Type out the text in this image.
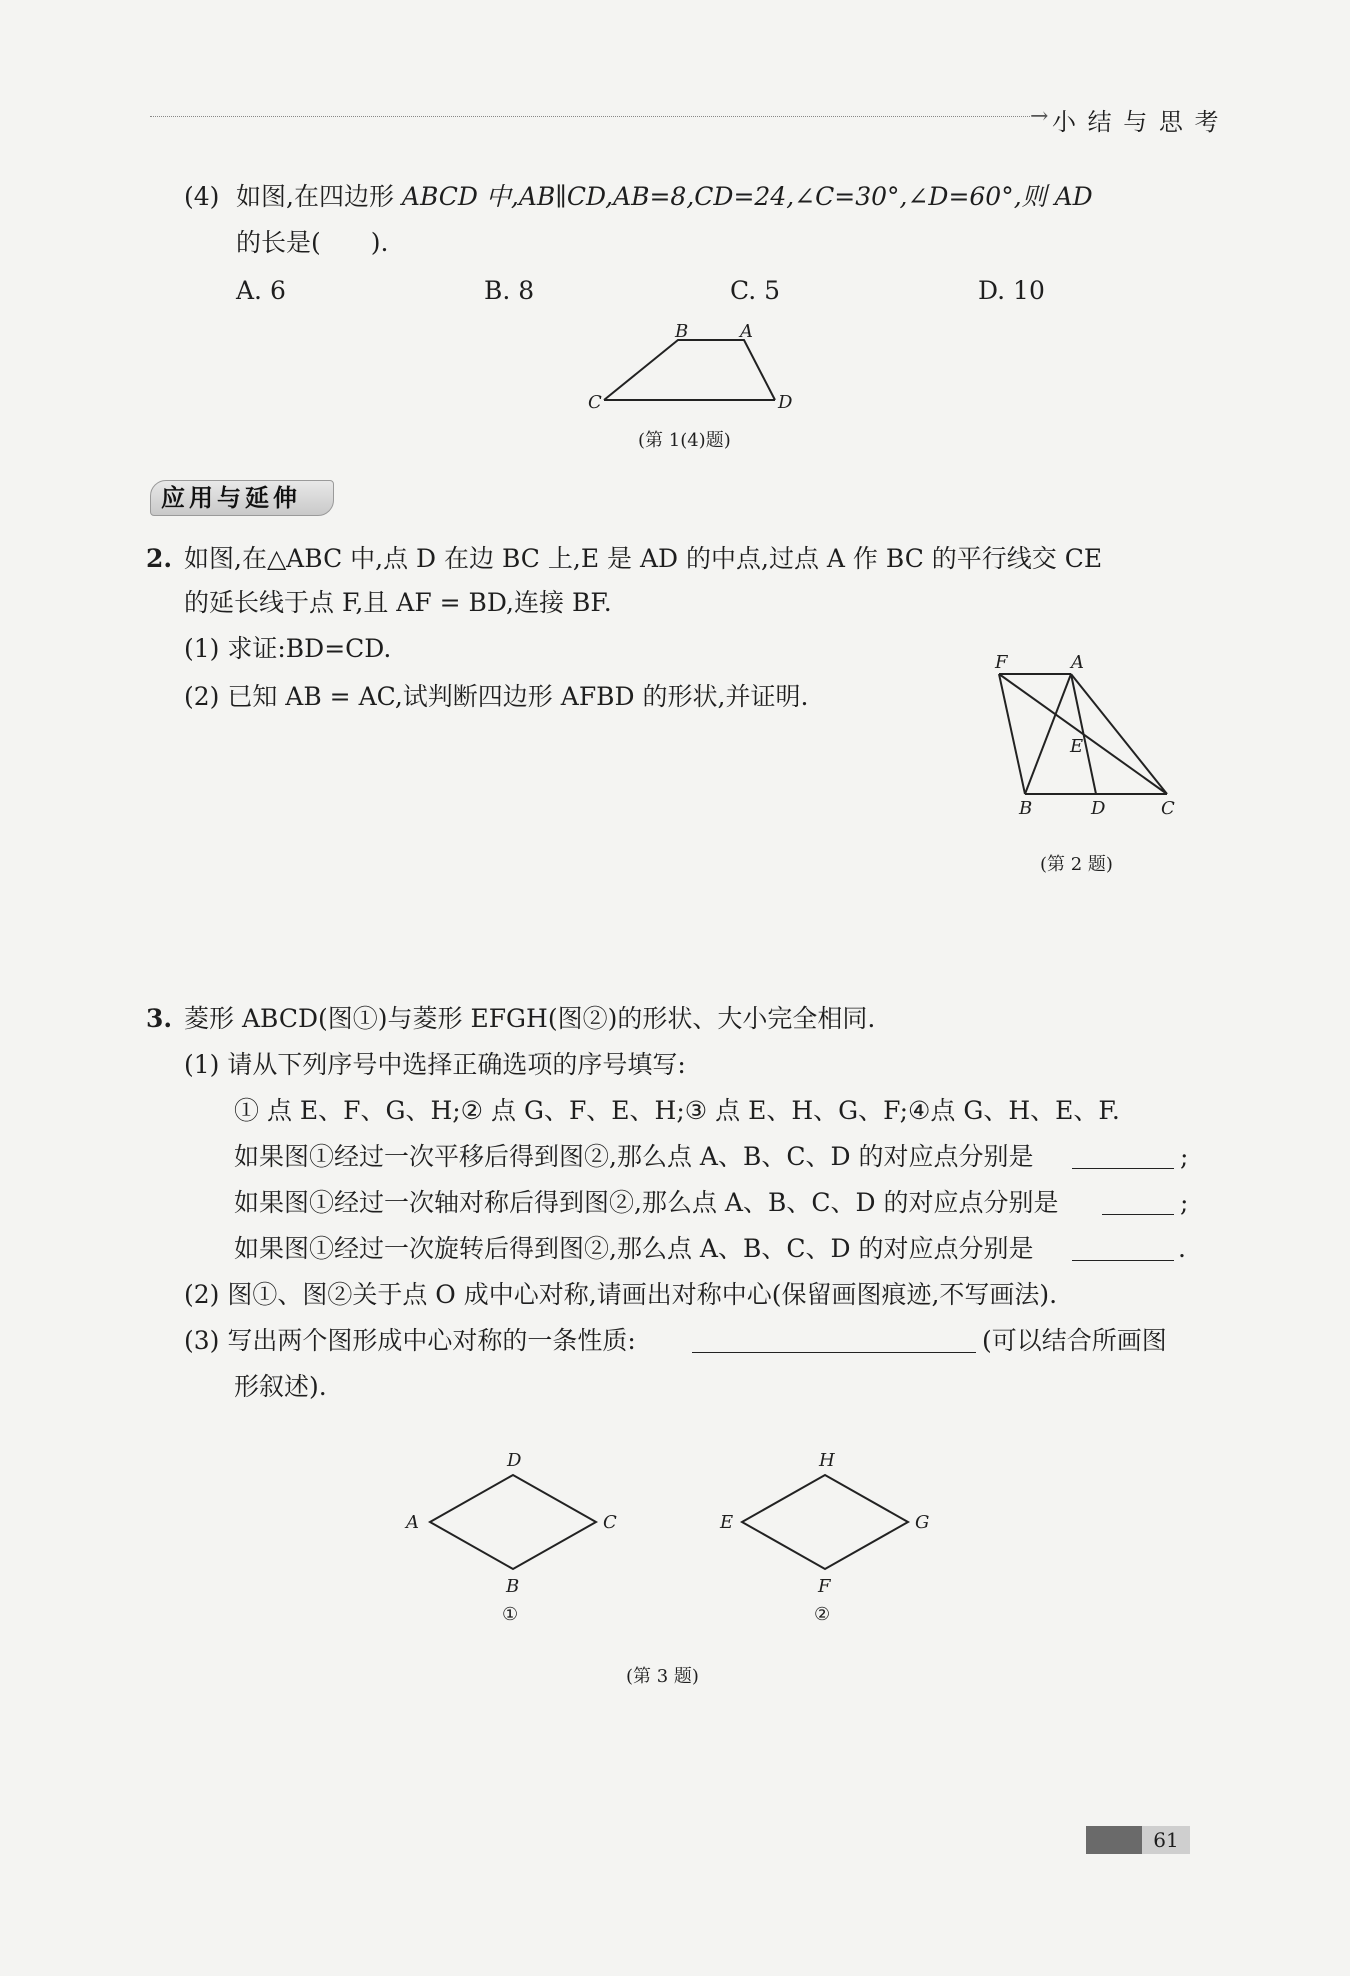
→ 小 结 与 思 考
(4) 如图,在四边形 ABCD 中,AB∥CD,AB=8,CD=24,∠C=30°,∠D=60°,则 AD
的长是(　　).
A. 6	B. 8	C. 5	D. 10
B	A
C	D
(第 1(4)题)
应用与延伸
2. 如图,在△ABC 中,点 D 在边 BC 上,E 是 AD 的中点,过点 A 作 BC 的平行线交 CE
的延长线于点 F,且 AF = BD,连接 BF.
(1) 求证:BD=CD.
(2) 已知 AB = AC,试判断四边形 AFBD 的形状,并证明.
F	A
E
B	D	C
(第 2 题)
3. 菱形 ABCD(图①)与菱形 EFGH(图②)的形状、大小完全相同.
(1) 请从下列序号中选择正确选项的序号填写:
① 点 E、F、G、H;② 点 G、F、E、H;③ 点 E、H、G、F;④点 G、H、E、F.
如果图①经过一次平移后得到图②,那么点 A、B、C、D 的对应点分别是	;
如果图①经过一次轴对称后得到图②,那么点 A、B、C、D 的对应点分别是	;
如果图①经过一次旋转后得到图②,那么点 A、B、C、D 的对应点分别是	.
(2) 图①、图②关于点 O 成中心对称,请画出对称中心(保留画图痕迹,不写画法).
(3) 写出两个图形成中心对称的一条性质:	(可以结合所画图
形叙述).
D
A	C
B
①
H
E	G
F
②
(第 3 题)
61
